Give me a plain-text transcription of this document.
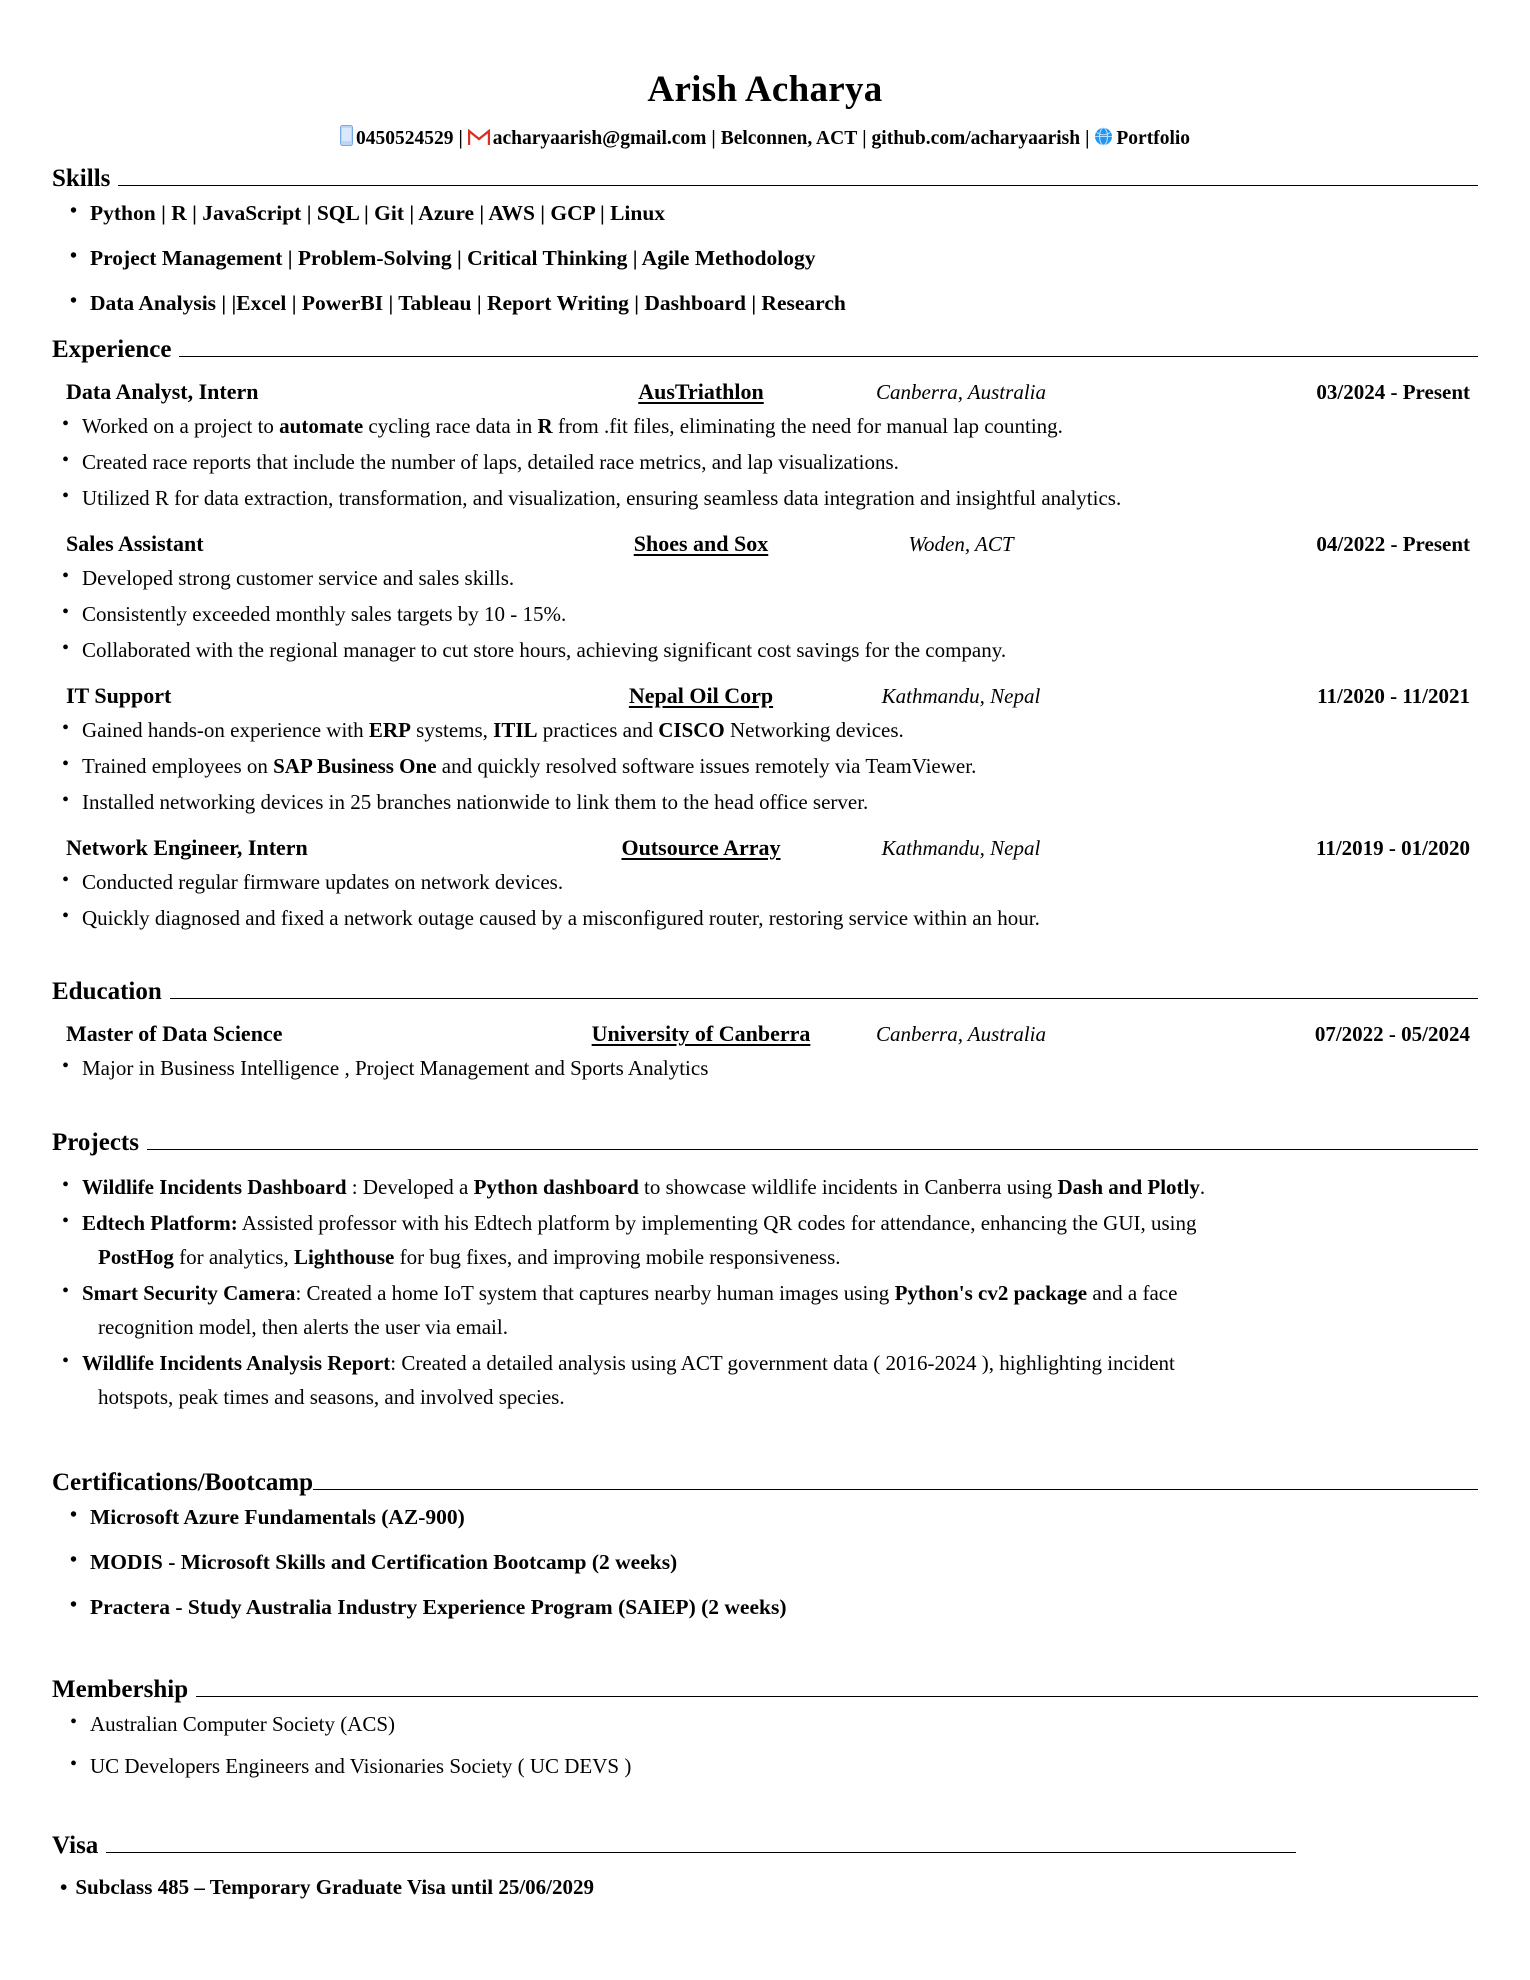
Arish Acharya
0450524529 | acharyaarish@gmail.com | Belconnen, ACT | github.com/acharyaarish | Portfolio
Skills
• Python | R | JavaScript | SQL | Git | Azure | AWS | GCP | Linux
• Project Management | Problem-Solving | Critical Thinking | Agile Methodology
• Data Analysis | |Excel | PowerBI | Tableau | Report Writing | Dashboard | Research
Experience
Data Analyst, Intern	AusTriathlon	Canberra, Australia	03/2024 - Present
• Worked on a project to automate cycling race data in R from .fit files, eliminating the need for manual lap counting.
• Created race reports that include the number of laps, detailed race metrics, and lap visualizations.
• Utilized R for data extraction, transformation, and visualization, ensuring seamless data integration and insightful analytics.
Sales Assistant	Shoes and Sox	Woden, ACT	04/2022 - Present
• Developed strong customer service and sales skills.
• Consistently exceeded monthly sales targets by 10 - 15%.
• Collaborated with the regional manager to cut store hours, achieving significant cost savings for the company.
IT Support	Nepal Oil Corp	Kathmandu, Nepal	11/2020 - 11/2021
• Gained hands-on experience with ERP systems, ITIL practices and CISCO Networking devices.
• Trained employees on SAP Business One and quickly resolved software issues remotely via TeamViewer.
• Installed networking devices in 25 branches nationwide to link them to the head office server.
Network Engineer, Intern	Outsource Array	Kathmandu, Nepal	11/2019 - 01/2020
• Conducted regular firmware updates on network devices.
• Quickly diagnosed and fixed a network outage caused by a misconfigured router, restoring service within an hour.
Education
Master of Data Science	University of Canberra	Canberra, Australia	07/2022 - 05/2024
• Major in Business Intelligence , Project Management and Sports Analytics
Projects
• Wildlife Incidents Dashboard : Developed a Python dashboard to showcase wildlife incidents in Canberra using Dash and Plotly.
• Edtech Platform: Assisted professor with his Edtech platform by implementing QR codes for attendance, enhancing the GUI, using
PostHog for analytics, Lighthouse for bug fixes, and improving mobile responsiveness.
• Smart Security Camera: Created a home IoT system that captures nearby human images using Python's cv2 package and a face
recognition model, then alerts the user via email.
• Wildlife Incidents Analysis Report: Created a detailed analysis using ACT government data ( 2016-2024 ), highlighting incident
hotspots, peak times and seasons, and involved species.
Certifications/Bootcamp
• Microsoft Azure Fundamentals (AZ-900)
• MODIS - Microsoft Skills and Certification Bootcamp (2 weeks)
• Practera - Study Australia Industry Experience Program (SAIEP) (2 weeks)
Membership
• Australian Computer Society (ACS)
• UC Developers Engineers and Visionaries Society ( UC DEVS )
Visa
• Subclass 485 – Temporary Graduate Visa until 25/06/2029
